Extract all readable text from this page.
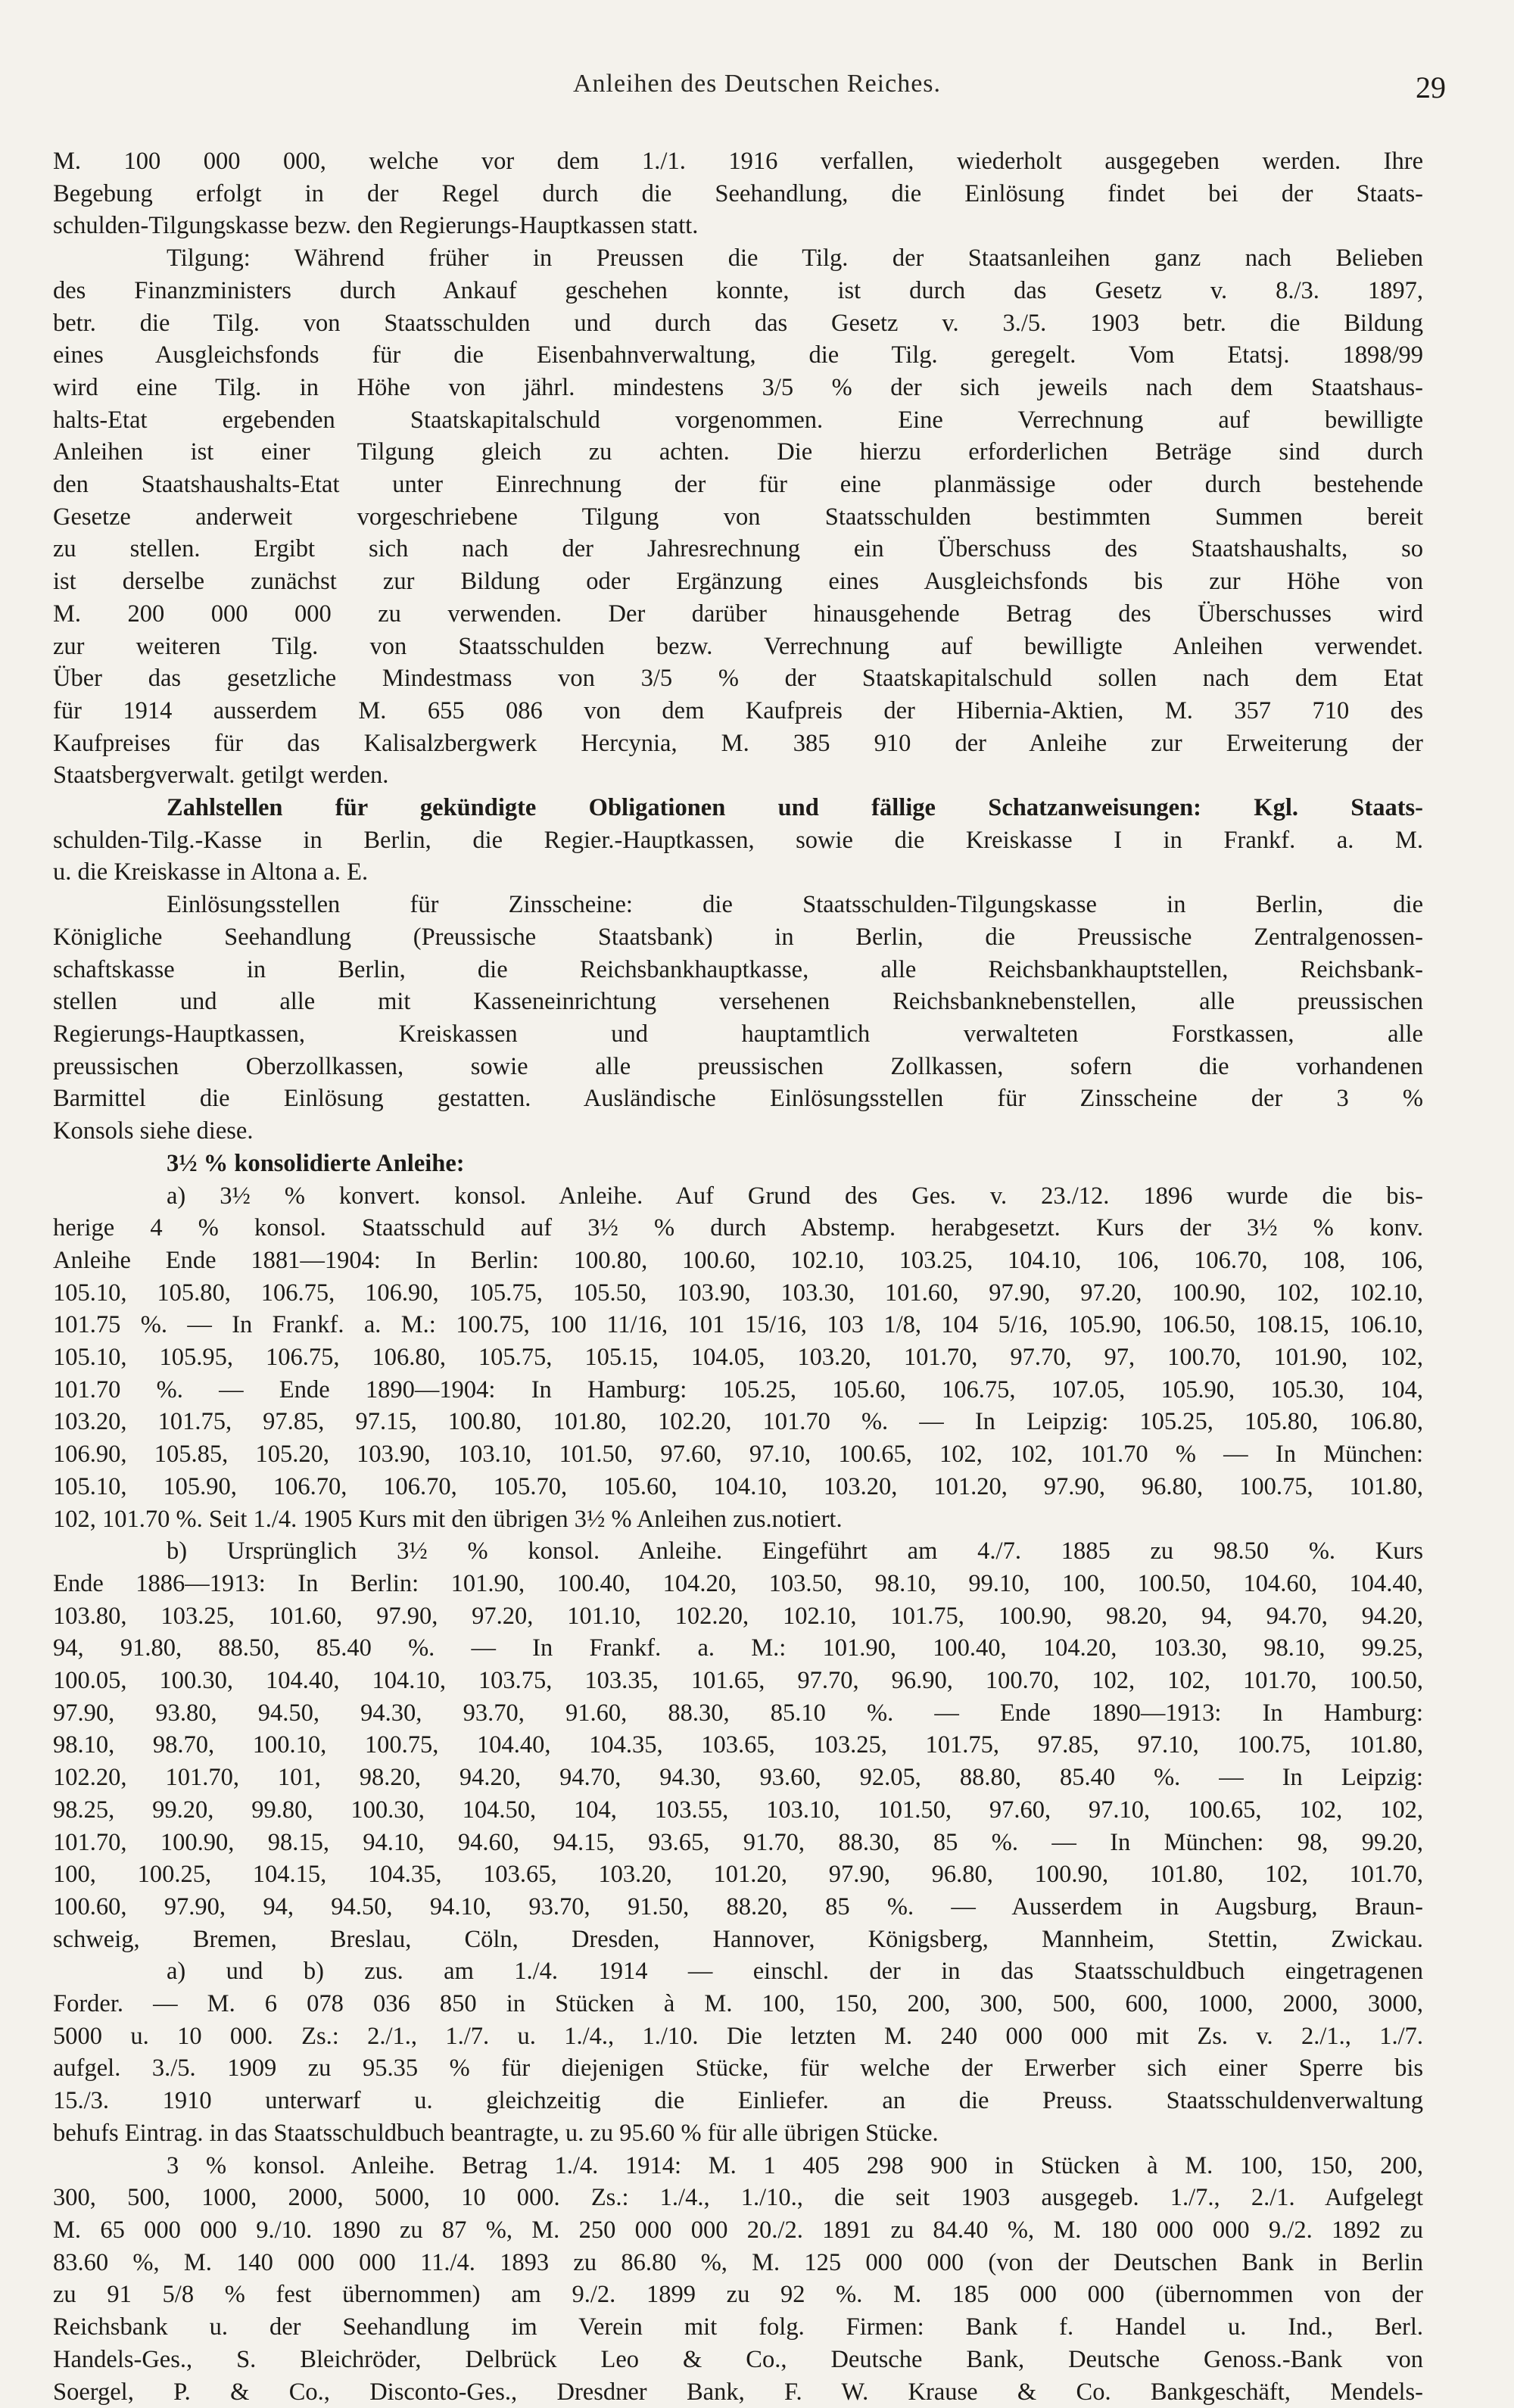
Anleihen des Deutschen Reiches.	29

M. 100 000 000, welche vor dem 1./1. 1916 verfallen, wiederholt ausgegeben werden. Ihre

Begebung erfolgt in der Regel durch die Seehandlung, die Einlösung findet bei der Staats-

schulden-Tilgungskasse bezw. den Regierungs-Hauptkassen statt.

Tilgung: Während früher in Preussen die Tilg. der Staatsanleihen ganz nach Belieben

des Finanzministers durch Ankauf geschehen konnte, ist durch das Gesetz v. 8./3. 1897,

betr. die Tilg. von Staatsschulden und durch das Gesetz v. 3./5. 1903 betr. die Bildung

eines Ausgleichsfonds für die Eisenbahnverwaltung, die Tilg. geregelt. Vom Etatsj. 1898/99

wird eine Tilg. in Höhe von jährl. mindestens 3/5 % der sich jeweils nach dem Staatshaus-

halts-Etat ergebenden Staatskapitalschuld vorgenommen. Eine Verrechnung auf bewilligte

Anleihen ist einer Tilgung gleich zu achten. Die hierzu erforderlichen Beträge sind durch

den Staatshaushalts-Etat unter Einrechnung der für eine planmässige oder durch bestehende

Gesetze anderweit vorgeschriebene Tilgung von Staatsschulden bestimmten Summen bereit

zu stellen. Ergibt sich nach der Jahresrechnung ein Überschuss des Staatshaushalts, so

ist derselbe zunächst zur Bildung oder Ergänzung eines Ausgleichsfonds bis zur Höhe von

M. 200 000 000 zu verwenden. Der darüber hinausgehende Betrag des Überschusses wird

zur weiteren Tilg. von Staatsschulden bezw. Verrechnung auf bewilligte Anleihen verwendet.

Über das gesetzliche Mindestmass von 3/5 % der Staatskapitalschuld sollen nach dem Etat

für 1914 ausserdem M. 655 086 von dem Kaufpreis der Hibernia-Aktien, M. 357 710 des

Kaufpreises für das Kalisalzbergwerk Hercynia, M. 385 910 der Anleihe zur Erweiterung der

Staatsbergverwalt. getilgt werden.

Zahlstellen für gekündigte Obligationen und fällige Schatzanweisungen: Kgl. Staats-

schulden-Tilg.-Kasse in Berlin, die Regier.-Hauptkassen, sowie die Kreiskasse I in Frankf. a. M.

u. die Kreiskasse in Altona a. E.

Einlösungsstellen für Zinsscheine: die Staatsschulden-Tilgungskasse in Berlin, die

Königliche Seehandlung (Preussische Staatsbank) in Berlin, die Preussische Zentralgenossen-

schaftskasse in Berlin, die Reichsbankhauptkasse, alle Reichsbankhauptstellen, Reichsbank-

stellen und alle mit Kasseneinrichtung versehenen Reichsbanknebenstellen, alle preussischen

Regierungs-Hauptkassen, Kreiskassen und hauptamtlich verwalteten Forstkassen, alle

preussischen Oberzollkassen, sowie alle preussischen Zollkassen, sofern die vorhandenen

Barmittel die Einlösung gestatten. Ausländische Einlösungsstellen für Zinsscheine der 3 %

Konsols siehe diese.

3½ % konsolidierte Anleihe:

a) 3½ % konvert. konsol. Anleihe. Auf Grund des Ges. v. 23./12. 1896 wurde die bis-

herige 4 % konsol. Staatsschuld auf 3½ % durch Abstemp. herabgesetzt. Kurs der 3½ % konv.

Anleihe Ende 1881—1904: In Berlin: 100.80, 100.60, 102.10, 103.25, 104.10, 106, 106.70, 108, 106,

105.10, 105.80, 106.75, 106.90, 105.75, 105.50, 103.90, 103.30, 101.60, 97.90, 97.20, 100.90, 102, 102.10,

101.75 %. — In Frankf. a. M.: 100.75, 100 11/16, 101 15/16, 103 1/8, 104 5/16, 105.90, 106.50, 108.15, 106.10,

105.10, 105.95, 106.75, 106.80, 105.75, 105.15, 104.05, 103.20, 101.70, 97.70, 97, 100.70, 101.90, 102,

101.70 %. — Ende 1890—1904: In Hamburg: 105.25, 105.60, 106.75, 107.05, 105.90, 105.30, 104,

103.20, 101.75, 97.85, 97.15, 100.80, 101.80, 102.20, 101.70 %. — In Leipzig: 105.25, 105.80, 106.80,

106.90, 105.85, 105.20, 103.90, 103.10, 101.50, 97.60, 97.10, 100.65, 102, 102, 101.70 % — In München:

105.10, 105.90, 106.70, 106.70, 105.70, 105.60, 104.10, 103.20, 101.20, 97.90, 96.80, 100.75, 101.80,

102, 101.70 %. Seit 1./4. 1905 Kurs mit den übrigen 3½ % Anleihen zus.notiert.

b) Ursprünglich 3½ % konsol. Anleihe. Eingeführt am 4./7. 1885 zu 98.50 %. Kurs

Ende 1886—1913: In Berlin: 101.90, 100.40, 104.20, 103.50, 98.10, 99.10, 100, 100.50, 104.60, 104.40,

103.80, 103.25, 101.60, 97.90, 97.20, 101.10, 102.20, 102.10, 101.75, 100.90, 98.20, 94, 94.70, 94.20,

94, 91.80, 88.50, 85.40 %. — In Frankf. a. M.: 101.90, 100.40, 104.20, 103.30, 98.10, 99.25,

100.05, 100.30, 104.40, 104.10, 103.75, 103.35, 101.65, 97.70, 96.90, 100.70, 102, 102, 101.70, 100.50,

97.90, 93.80, 94.50, 94.30, 93.70, 91.60, 88.30, 85.10 %. — Ende 1890—1913: In Hamburg:

98.10, 98.70, 100.10, 100.75, 104.40, 104.35, 103.65, 103.25, 101.75, 97.85, 97.10, 100.75, 101.80,

102.20, 101.70, 101, 98.20, 94.20, 94.70, 94.30, 93.60, 92.05, 88.80, 85.40 %. — In Leipzig:

98.25, 99.20, 99.80, 100.30, 104.50, 104, 103.55, 103.10, 101.50, 97.60, 97.10, 100.65, 102, 102,

101.70, 100.90, 98.15, 94.10, 94.60, 94.15, 93.65, 91.70, 88.30, 85 %. — In München: 98, 99.20,

100, 100.25, 104.15, 104.35, 103.65, 103.20, 101.20, 97.90, 96.80, 100.90, 101.80, 102, 101.70,

100.60, 97.90, 94, 94.50, 94.10, 93.70, 91.50, 88.20, 85 %. — Ausserdem in Augsburg, Braun-

schweig, Bremen, Breslau, Cöln, Dresden, Hannover, Königsberg, Mannheim, Stettin, Zwickau.

a) und b) zus. am 1./4. 1914 — einschl. der in das Staatsschuldbuch eingetragenen

Forder. — M. 6 078 036 850 in Stücken à M. 100, 150, 200, 300, 500, 600, 1000, 2000, 3000,

5000 u. 10 000. Zs.: 2./1., 1./7. u. 1./4., 1./10. Die letzten M. 240 000 000 mit Zs. v. 2./1., 1./7.

aufgel. 3./5. 1909 zu 95.35 % für diejenigen Stücke, für welche der Erwerber sich einer Sperre bis

15./3. 1910 unterwarf u. gleichzeitig die Einliefer. an die Preuss. Staatsschuldenverwaltung

behufs Eintrag. in das Staatsschuldbuch beantragte, u. zu 95.60 % für alle übrigen Stücke.

3 % konsol. Anleihe. Betrag 1./4. 1914: M. 1 405 298 900 in Stücken à M. 100, 150, 200,

300, 500, 1000, 2000, 5000, 10 000. Zs.: 1./4., 1./10., die seit 1903 ausgegeb. 1./7., 2./1. Aufgelegt

M. 65 000 000 9./10. 1890 zu 87 %, M. 250 000 000 20./2. 1891 zu 84.40 %, M. 180 000 000 9./2. 1892 zu

83.60 %, M. 140 000 000 11./4. 1893 zu 86.80 %, M. 125 000 000 (von der Deutschen Bank in Berlin

zu 91 5/8 % fest übernommen) am 9./2. 1899 zu 92 %. M. 185 000 000 (übernommen von der

Reichsbank u. der Seehandlung im Verein mit folg. Firmen: Bank f. Handel u. Ind., Berl.

Handels-Ges., S. Bleichröder, Delbrück Leo & Co., Deutsche Bank, Deutsche Genoss.-Bank von

Soergel, P. & Co., Disconto-Ges., Dresdner Bank, F. W. Krause & Co. Bankgeschäft, Mendels-
